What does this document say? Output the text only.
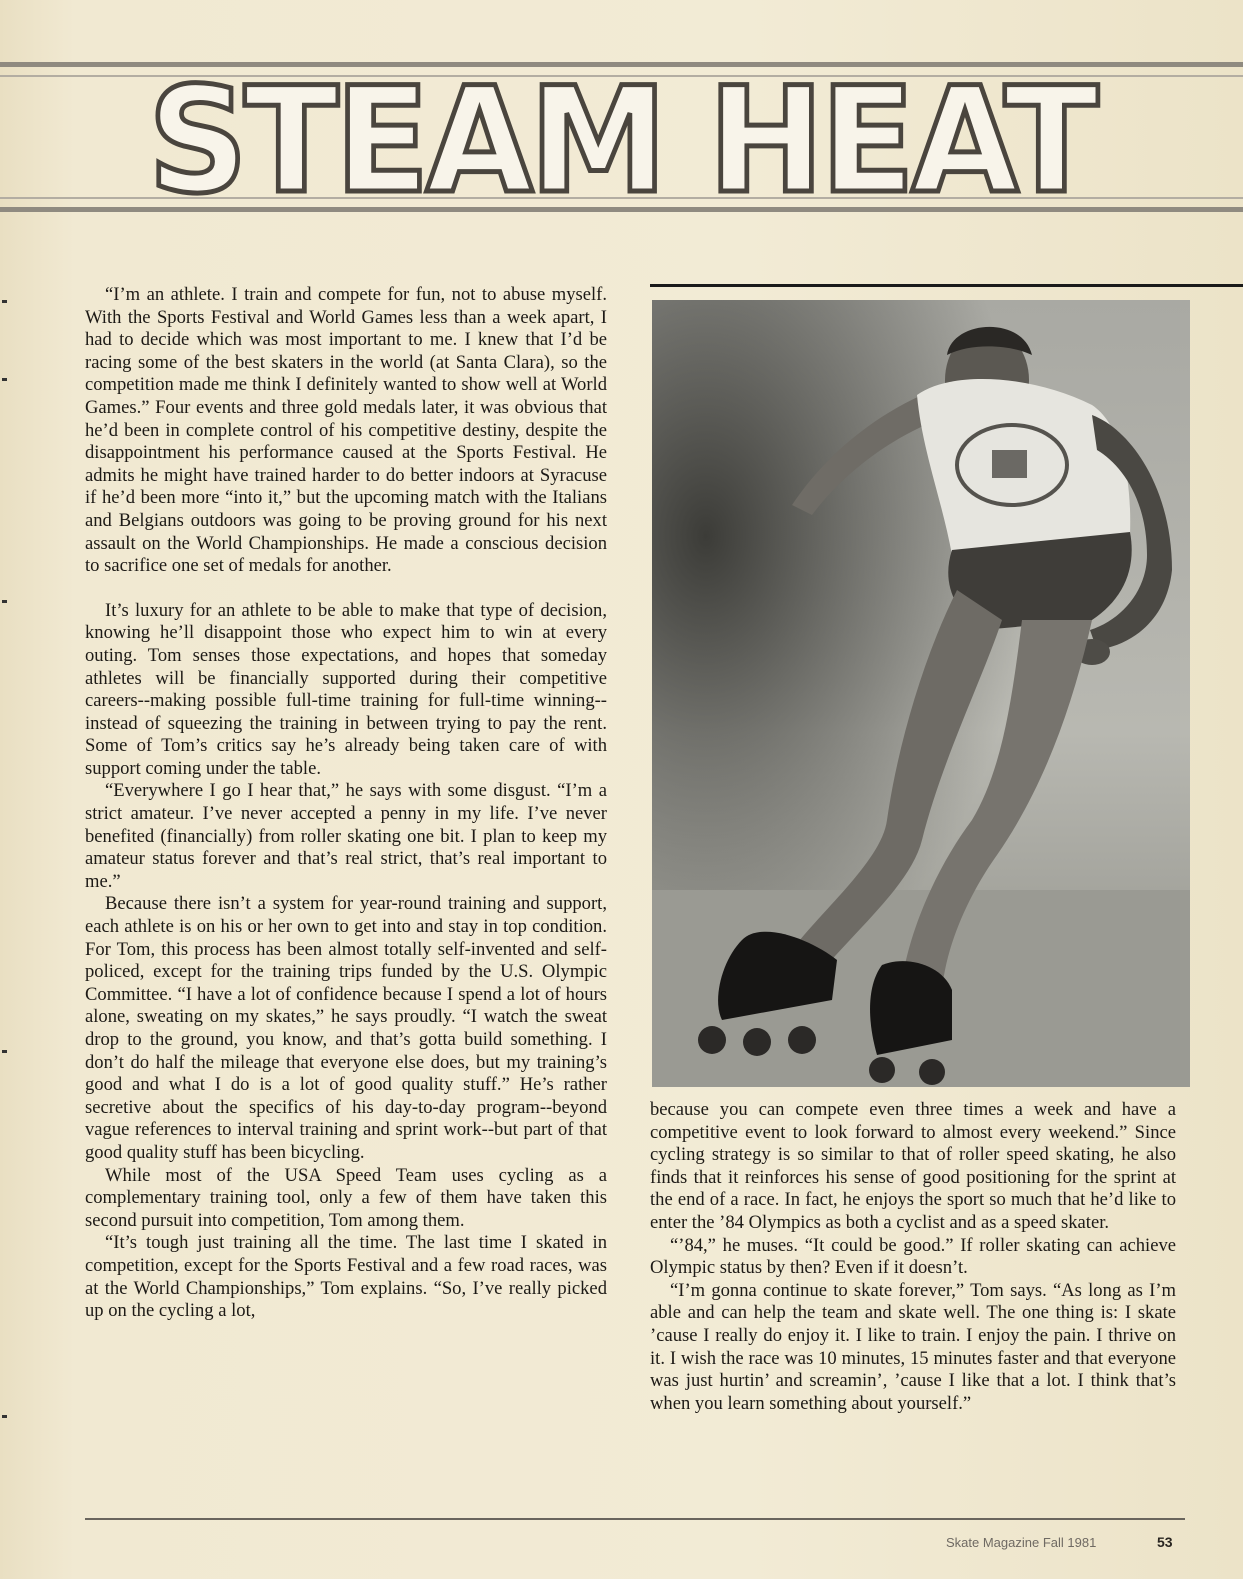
STEAM HEAT

“I’m an athlete. I train and compete for fun, not to abuse myself. With the Sports Festival and World Games less than a week apart, I had to decide which was most important to me. I knew that I’d be racing some of the best skaters in the world (at Santa Clara), so the competition made me think I definitely wanted to show well at World Games.” Four events and three gold medals later, it was obvious that he’d been in complete control of his competitive destiny, despite the disappointment his performance caused at the Sports Festival. He admits he might have trained harder to do better indoors at Syracuse if he’d been more “into it,” but the upcoming match with the Italians and Belgians outdoors was going to be proving ground for his next assault on the World Championships. He made a conscious decision to sacrifice one set of medals for another.

It’s luxury for an athlete to be able to make that type of decision, knowing he’ll disappoint those who expect him to win at every outing. Tom senses those expectations, and hopes that someday athletes will be financially supported during their competitive careers--making possible full-time training for full-time winning--instead of squeezing the training in between trying to pay the rent. Some of Tom’s critics say he’s already being taken care of with support coming under the table.

“Everywhere I go I hear that,” he says with some disgust. “I’m a strict amateur. I’ve never accepted a penny in my life. I’ve never benefited (financially) from roller skating one bit. I plan to keep my amateur status forever and that’s real strict, that’s real important to me.”

Because there isn’t a system for year-round training and support, each athlete is on his or her own to get into and stay in top condition. For Tom, this process has been almost totally self-invented and self-policed, except for the training trips funded by the U.S. Olympic Committee. “I have a lot of confidence because I spend a lot of hours alone, sweating on my skates,” he says proudly. “I watch the sweat drop to the ground, you know, and that’s gotta build something. I don’t do half the mileage that everyone else does, but my training’s good and what I do is a lot of good quality stuff.” He’s rather secretive about the specifics of his day-to-day program--beyond vague references to interval training and sprint work--but part of that good quality stuff has been bicycling.

While most of the USA Speed Team uses cycling as a complementary training tool, only a few of them have taken this second pursuit into competition, Tom among them.

“It’s tough just training all the time. The last time I skated in competition, except for the Sports Festival and a few road races, was at the World Championships,” Tom explains. “So, I’ve really picked up on the cycling a lot,

because you can compete even three times a week and have a competitive event to look forward to almost every weekend.” Since cycling strategy is so similar to that of roller speed skating, he also finds that it reinforces his sense of good positioning for the sprint at the end of a race. In fact, he enjoys the sport so much that he’d like to enter the ’84 Olympics as both a cyclist and as a speed skater.

“’84,” he muses. “It could be good.” If roller skating can achieve Olympic status by then? Even if it doesn’t.

“I’m gonna continue to skate forever,” Tom says. “As long as I’m able and can help the team and skate well. The one thing is: I skate ’cause I really do enjoy it. I like to train. I enjoy the pain. I thrive on it. I wish the race was 10 minutes, 15 minutes faster and that everyone was just hurtin’ and screamin’, ’cause I like that a lot. I think that’s when you learn something about yourself.”

Skate Magazine Fall 1981	53
